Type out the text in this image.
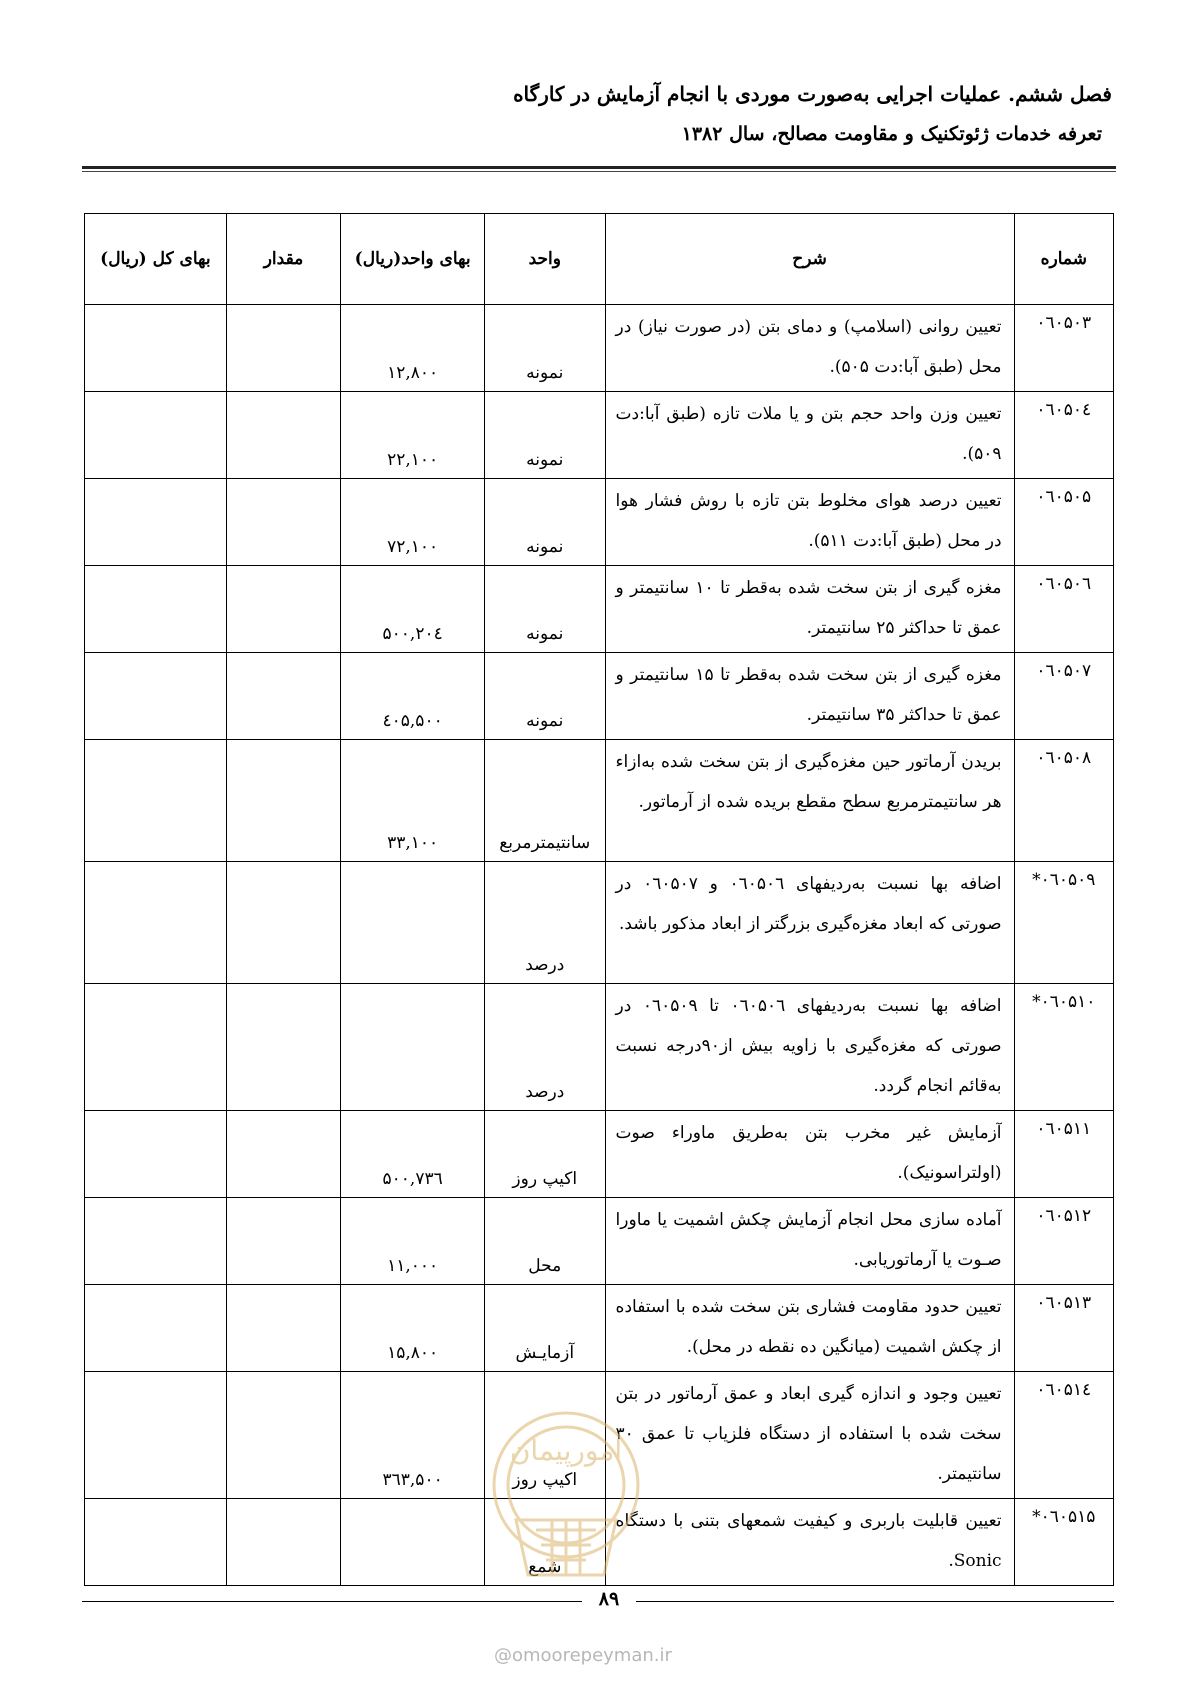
فصل ششم. عملیات اجرایی به‌صورت موردی با انجام آزمایش در کارگاه
تعرفه خدمات ژئوتکنیک و مقاومت مصالح، سال ۱۳۸۲
شماره	شرح	واحد	بهای واحد(ریال)	مقدار	بهای کل (ریال)
۰٦۰۵۰۳	تعیین روانی (اسلامپ) و دمای بتن (در صورت نیاز) در محل (طبق آبا:دت ۵۰۵).	نمونه	۱۲,۸۰۰		
۰٦۰۵۰٤	تعیین وزن واحد حجم بتن و یا ملات تازه (طبق آبا:دت ۵۰۹).	نمونه	۲۲,۱۰۰		
۰٦۰۵۰۵	تعیین درصد هوای مخلوط بتن تازه با روش فشار هوا در محل (طبق آبا:دت ۵۱۱).	نمونه	۷۲,۱۰۰		
۰٦۰۵۰٦	مغزه گیری از بتن سخت شده به‌قطر تا ۱۰ سانتیمتر و عمق تا حداکثر ۲۵ سانتیمتر.	نمونه	۲۰٤,۵۰۰		
۰٦۰۵۰۷	مغزه گیری از بتن سخت شده به‌قطر تا ۱۵ سانتیمتر و عمق تا حداکثر ۳۵ سانتیمتر.	نمونه	٤۰۵,۵۰۰		
۰٦۰۵۰۸	بریدن آرماتور حین مغزه‌گیری از بتن سخت شده به‌ازاء هر سانتیمترمربع سطح مقطع بریده شده از آرماتور.	سانتیمترمربع	۳۳,۱۰۰		
۰٦۰۵۰۹*	اضافه بها نسبت به‌ردیفهای ۰٦۰۵۰٦ و ۰٦۰۵۰۷ در صورتی که ابعاد مغزه‌گیری بزرگتر از ابعاد مذکور باشد.	درصد			
۰٦۰۵۱۰*	اضافه بها نسبت به‌ردیفهای ۰٦۰۵۰٦ تا ۰٦۰۵۰۹ در صورتی که مغزه‌گیری با زاویه بیش از۹۰درجه نسبت به‌قائم انجام گردد.	درصد			
۰٦۰۵۱۱	آزمایش غیر مخرب بتن به‌طریق ماوراء صوت (اولتراسونیک).	اکیپ روز	۷۳٦,۵۰۰		
۰٦۰۵۱۲	آماده سازی محل انجام آزمایش چکش اشمیت یا ماورا صـوت یا آرماتوریابی.	محل	۱۱,۰۰۰		
۰٦۰۵۱۳	تعیین حدود مقاومت فشاری بتن سخت شده با استفاده از چکش اشمیت (میانگین ده نقطه در محل).	آزمایـش	۱۵,۸۰۰		
۰٦۰۵۱٤	تعیین وجود و اندازه گیری ابعاد و عمق آرماتور در بتن سخت شده با استفاده از دستگاه فلزیاب تا عمق ۳۰ سانتیمتر.	اکیپ روز	۳٦۳,۵۰۰		
۰٦۰۵۱۵*	تعیین قابلیت باربری و کیفیت شمعهای بتنی با دستگاه Sonic.	شمع			
امورپیمان
۸۹
@omoorepeyman.ir
